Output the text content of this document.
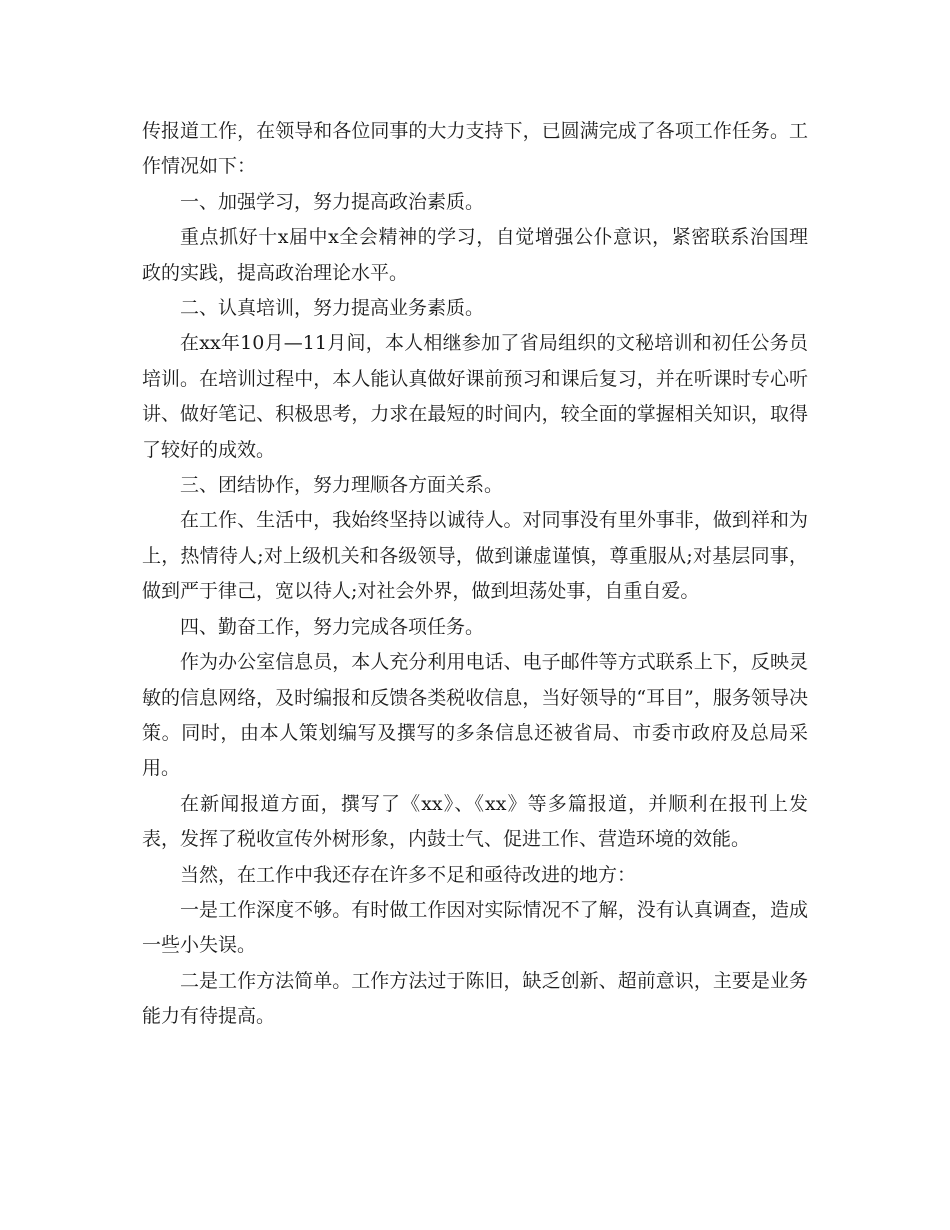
传报道工作，在领导和各位同事的大力支持下，已圆满完成了各项工作任务。工作情况如下：

一、加强学习，努力提高政治素质。

重点抓好十x届中x全会精神的学习，自觉增强公仆意识，紧密联系治国理政的实践，提高政治理论水平。

二、认真培训，努力提高业务素质。

在xx年10月—11月间，本人相继参加了省局组织的文秘培训和初任公务员培训。在培训过程中，本人能认真做好课前预习和课后复习，并在听课时专心听讲、做好笔记、积极思考，力求在最短的时间内，较全面的掌握相关知识，取得了较好的成效。

三、团结协作，努力理顺各方面关系。

在工作、生活中，我始终坚持以诚待人。对同事没有里外事非，做到祥和为上，热情待人;对上级机关和各级领导，做到谦虚谨慎，尊重服从;对基层同事，做到严于律己，宽以待人;对社会外界，做到坦荡处事，自重自爱。

四、勤奋工作，努力完成各项任务。

作为办公室信息员，本人充分利用电话、电子邮件等方式联系上下，反映灵敏的信息网络，及时编报和反馈各类税收信息，当好领导的“耳目”，服务领导决策。同时，由本人策划编写及撰写的多条信息还被省局、市委市政府及总局采用。

在新闻报道方面，撰写了《xx》、《xx》等多篇报道，并顺利在报刊上发表，发挥了税收宣传外树形象，内鼓士气、促进工作、营造环境的效能。

当然，在工作中我还存在许多不足和亟待改进的地方：

一是工作深度不够。有时做工作因对实际情况不了解，没有认真调查，造成一些小失误。

二是工作方法简单。工作方法过于陈旧，缺乏创新、超前意识，主要是业务能力有待提高。
